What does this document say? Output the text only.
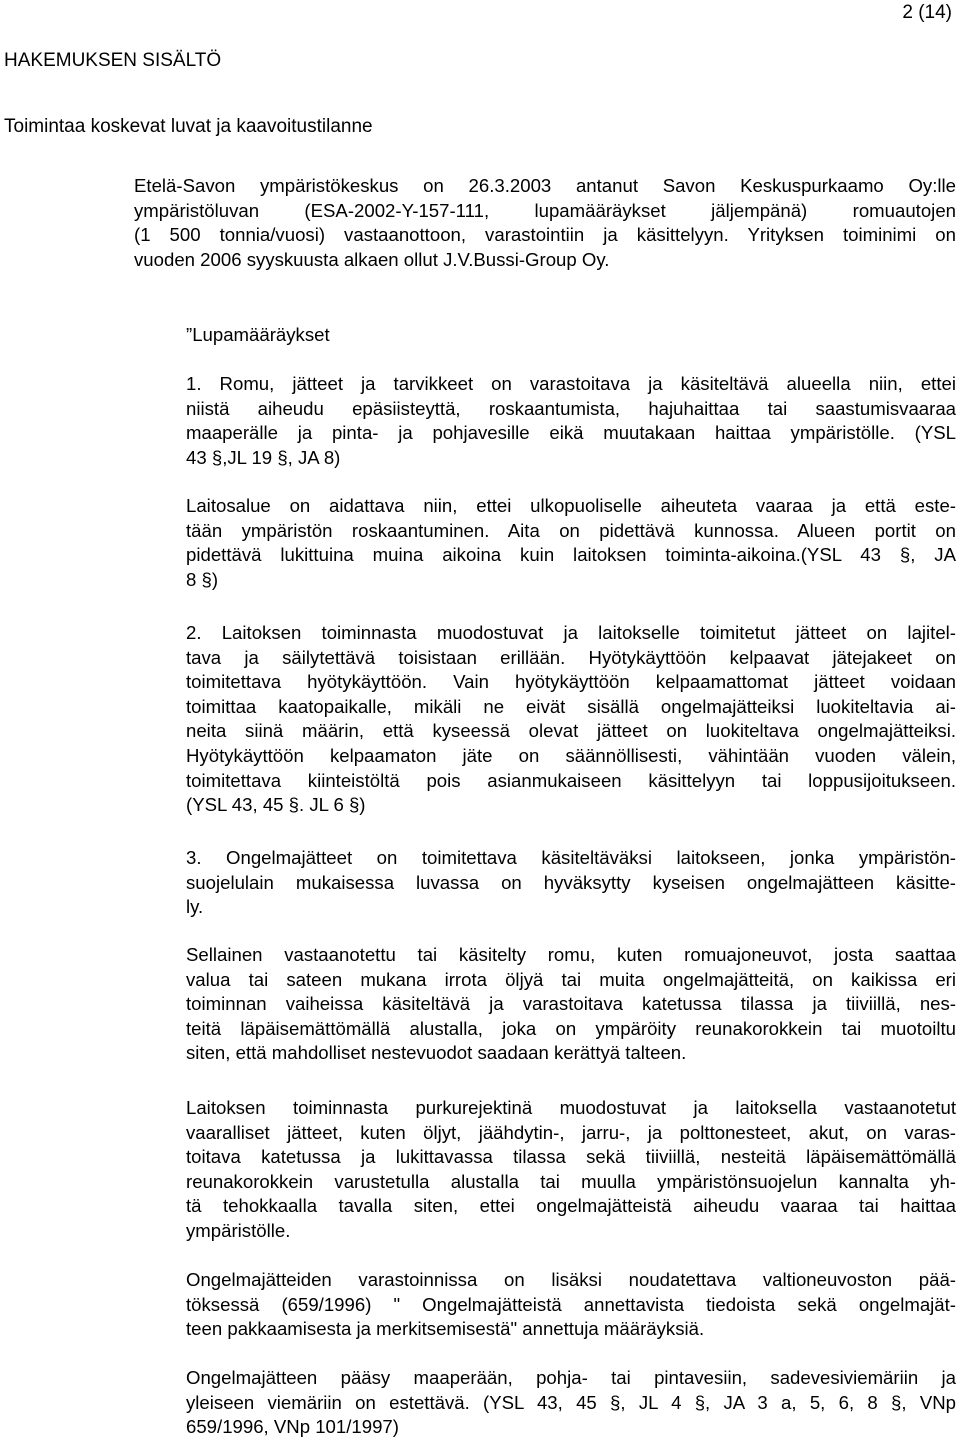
2 (14)
HAKEMUKSEN SISÄLTÖ
Toimintaa koskevat luvat ja kaavoitustilanne
Etelä-Savon ympäristökeskus on 26.3.2003 antanut Savon Keskuspurkaamo Oy:lle
ympäristöluvan (ESA-2002-Y-157-111, lupamääräykset jäljempänä) romuautojen
(1 500 tonnia/vuosi) vastaanottoon, varastointiin ja käsittelyyn. Yrityksen toiminimi on
vuoden 2006 syyskuusta alkaen ollut J.V.Bussi-Group Oy.
”Lupamääräykset
1. Romu, jätteet ja tarvikkeet on varastoitava ja käsiteltävä alueella niin, ettei
niistä aiheudu epäsiisteyttä, roskaantumista, hajuhaittaa tai saastumisvaaraa
maaperälle ja pinta- ja pohjavesille eikä muutakaan haittaa ympäristölle. (YSL
43 §,JL 19 §, JA 8)
Laitosalue on aidattava niin, ettei ulkopuoliselle aiheuteta vaaraa ja että este-
tään ympäristön roskaantuminen. Aita on pidettävä kunnossa. Alueen portit on
pidettävä lukittuina muina aikoina kuin laitoksen toiminta-aikoina.(YSL 43 §, JA
8 §)
2. Laitoksen toiminnasta muodostuvat ja laitokselle toimitetut jätteet on lajitel-
tava ja säilytettävä toisistaan erillään. Hyötykäyttöön kelpaavat jätejakeet on
toimitettava hyötykäyttöön. Vain hyötykäyttöön kelpaamattomat jätteet voidaan
toimittaa kaatopaikalle, mikäli ne eivät sisällä ongelmajätteiksi luokiteltavia ai-
neita siinä määrin, että kyseessä olevat jätteet on luokiteltava ongelmajätteiksi.
Hyötykäyttöön kelpaamaton jäte on säännöllisesti, vähintään vuoden välein,
toimitettava kiinteistöltä pois asianmukaiseen käsittelyyn tai loppusijoitukseen.
(YSL 43, 45 §. JL 6 §)
3. Ongelmajätteet on toimitettava käsiteltäväksi laitokseen, jonka ympäristön-
suojelulain mukaisessa luvassa on hyväksytty kyseisen ongelmajätteen käsitte-
ly.
Sellainen vastaanotettu tai käsitelty romu, kuten romuajoneuvot, josta saattaa
valua tai sateen mukana irrota öljyä tai muita ongelmajätteitä, on kaikissa eri
toiminnan vaiheissa käsiteltävä ja varastoitava katetussa tilassa ja tiiviillä, nes-
teitä läpäisemättömällä alustalla, joka on ympäröity reunakorokkein tai muotoiltu
siten, että mahdolliset nestevuodot saadaan kerättyä talteen.
Laitoksen toiminnasta purkurejektinä muodostuvat ja laitoksella vastaanotetut
vaaralliset jätteet, kuten öljyt, jäähdytin-, jarru-, ja polttonesteet, akut, on varas-
toitava katetussa ja lukittavassa tilassa sekä tiiviillä, nesteitä läpäisemättömällä
reunakorokkein varustetulla alustalla tai muulla ympäristönsuojelun kannalta yh-
tä tehokkaalla tavalla siten, ettei ongelmajätteistä aiheudu vaaraa tai haittaa
ympäristölle.
Ongelmajätteiden varastoinnissa on lisäksi noudatettava valtioneuvoston pää-
töksessä (659/1996) " Ongelmajätteistä annettavista tiedoista sekä ongelmajät-
teen pakkaamisesta ja merkitsemisestä" annettuja määräyksiä.
Ongelmajätteen pääsy maaperään, pohja- tai pintavesiin, sadevesiviemäriin ja
yleiseen viemäriin on estettävä. (YSL 43, 45 §, JL 4 §, JA 3 a, 5, 6, 8 §, VNp
659/1996, VNp 101/1997)
